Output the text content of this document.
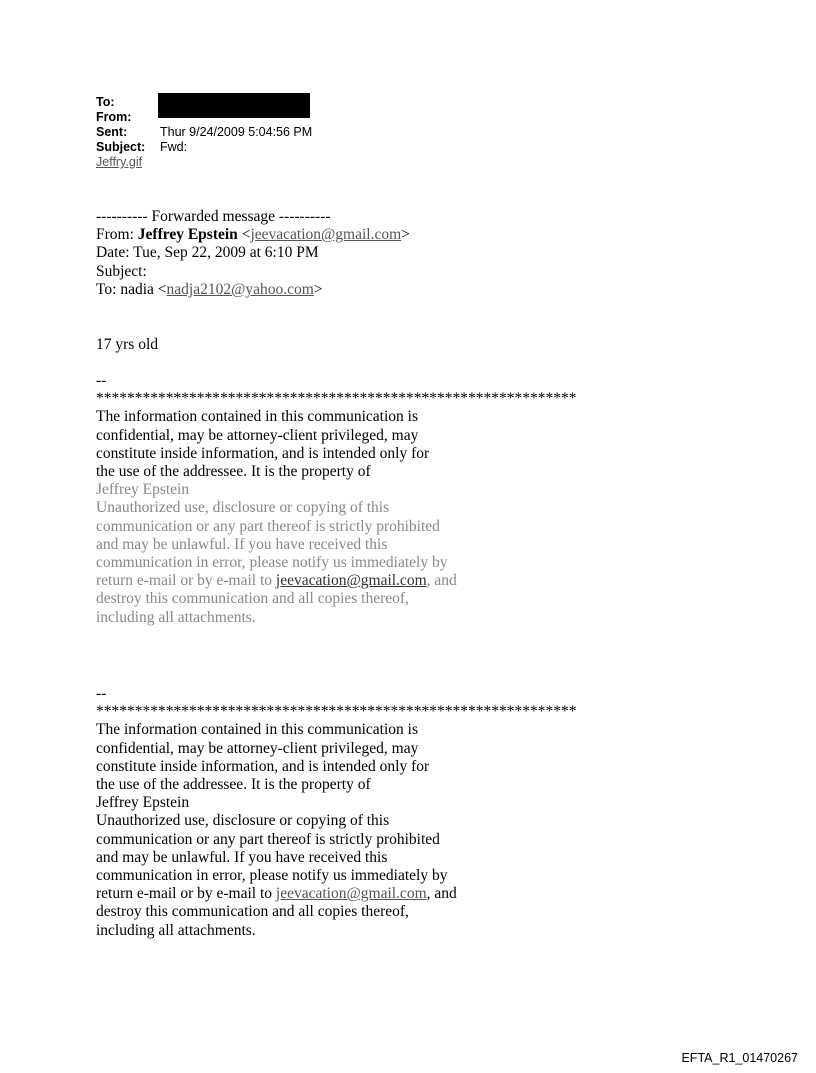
To:
From:
Sent:	Thur 9/24/2009 5:04:56 PM
Subject:	Fwd:
Jeffry.gif
---------- Forwarded message ----------
From: Jeffrey Epstein <jeevacation@gmail.com>
Date: Tue, Sep 22, 2009 at 6:10 PM
Subject:
To: nadia <nadja2102@yahoo.com>
17 yrs old
--
**************************************************************
The information contained in this communication is
confidential, may be attorney-client privileged, may
constitute inside information, and is intended only for
the use of the addressee. It is the property of
Jeffrey Epstein
Unauthorized use, disclosure or copying of this
communication or any part thereof is strictly prohibited
and may be unlawful. If you have received this
communication in error, please notify us immediately by
return e-mail or by e-mail to jeevacation@gmail.com, and
destroy this communication and all copies thereof,
including all attachments.
--
**************************************************************
The information contained in this communication is
confidential, may be attorney-client privileged, may
constitute inside information, and is intended only for
the use of the addressee. It is the property of
Jeffrey Epstein
Unauthorized use, disclosure or copying of this
communication or any part thereof is strictly prohibited
and may be unlawful. If you have received this
communication in error, please notify us immediately by
return e-mail or by e-mail to jeevacation@gmail.com, and
destroy this communication and all copies thereof,
including all attachments.
EFTA_R1_01470267
